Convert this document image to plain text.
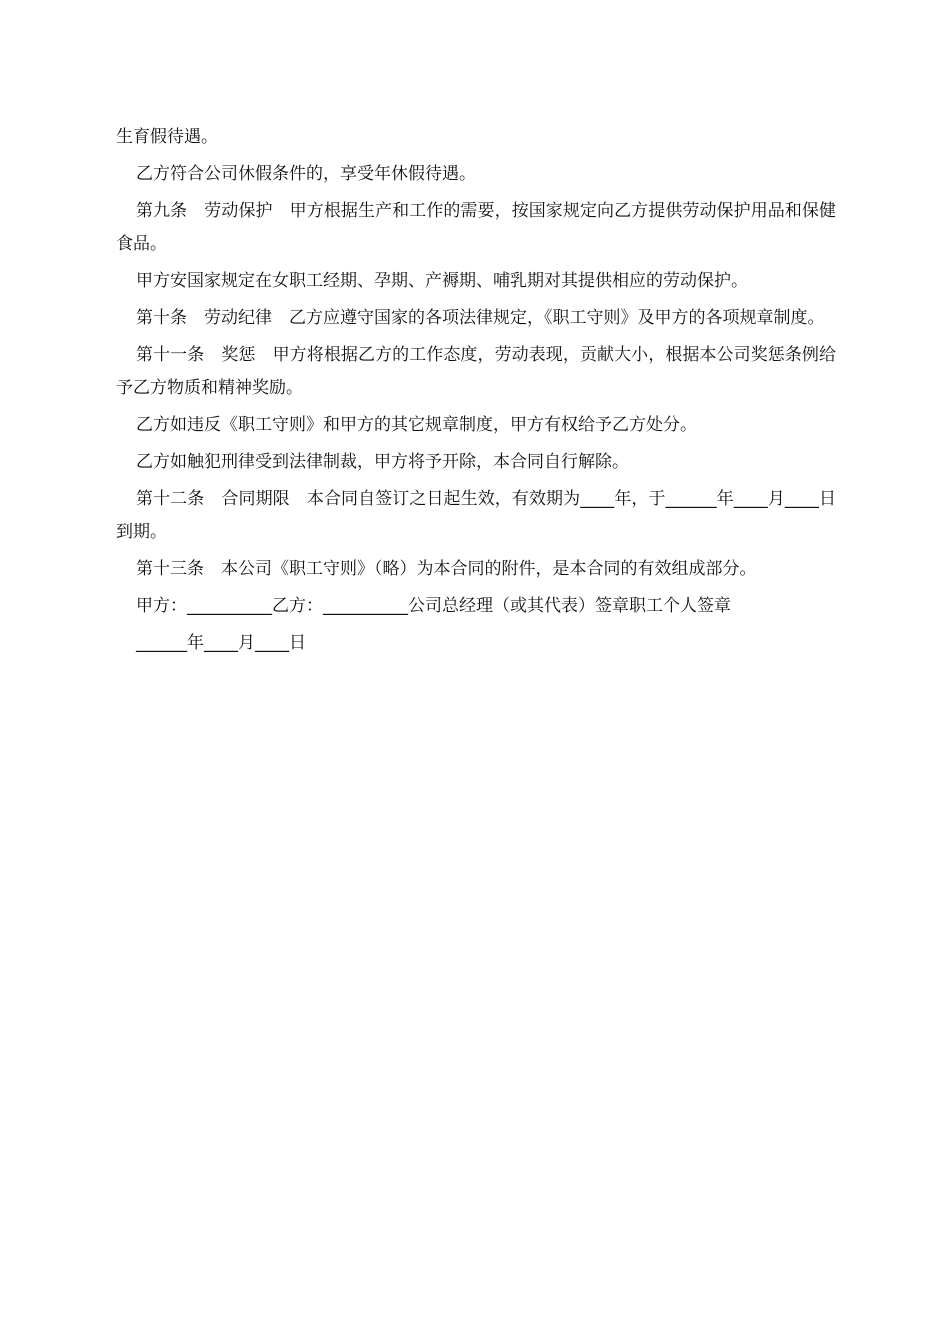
生育假待遇。

乙方符合公司休假条件的，享受年休假待遇。

第九条　劳动保护　甲方根据生产和工作的需要，按国家规定向乙方提供劳动保护用品和保健食品。

甲方安国家规定在女职工经期、孕期、产褥期、哺乳期对其提供相应的劳动保护。

第十条　劳动纪律　乙方应遵守国家的各项法律规定，《职工守则》及甲方的各项规章制度。

第十一条　奖惩　甲方将根据乙方的工作态度，劳动表现，贡献大小，根据本公司奖惩条例给予乙方物质和精神奖励。

乙方如违反《职工守则》和甲方的其它规章制度，甲方有权给予乙方处分。

乙方如触犯刑律受到法律制裁，甲方将予开除，本合同自行解除。

第十二条　合同期限　本合同自签订之日起生效，有效期为____年，于______年____月____日到期。

第十三条　本公司《职工守则》（略）为本合同的附件，是本合同的有效组成部分。

甲方：__________乙方：__________公司总经理（或其代表）签章职工个人签章

______年____月____日
